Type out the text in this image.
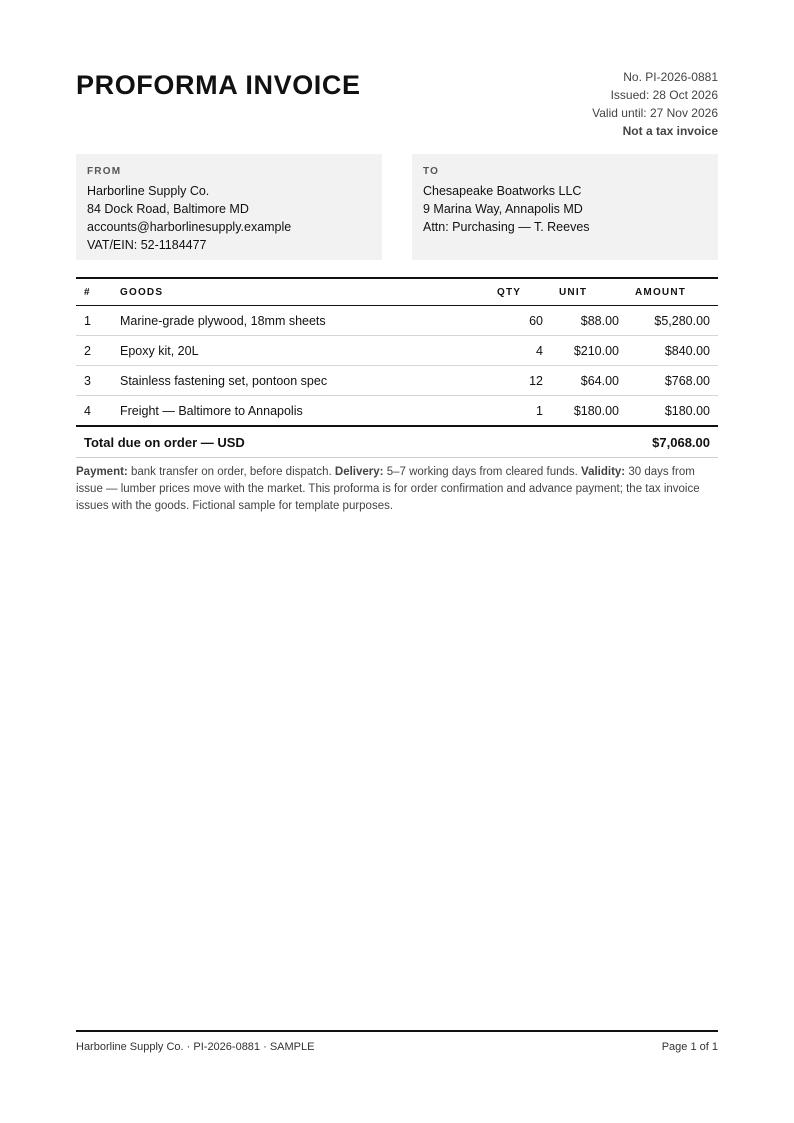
PROFORMA INVOICE	No. PI-2026-0881
Issued: 28 Oct 2026
Valid until: 27 Nov 2026
Not a tax invoice
FROM
Harborline Supply Co.
84 Dock Road, Baltimore MD
accounts@harborlinesupply.example
VAT/EIN: 52-1184477
TO
Chesapeake Boatworks LLC
9 Marina Way, Annapolis MD
Attn: Purchasing — T. Reeves
#	GOODS	QTY	UNIT	AMOUNT
1	Marine-grade plywood, 18mm sheets	60	$88.00	$5,280.00
2	Epoxy kit, 20L	4	$210.00	$840.00
3	Stainless fastening set, pontoon spec	12	$64.00	$768.00
4	Freight — Baltimore to Annapolis	1	$180.00	$180.00
Total due on order — USD				$7,068.00

Payment: bank transfer on order, before dispatch. Delivery: 5–7 working days from cleared funds. Validity: 30 days from issue — lumber prices move with the market. This proforma is for order confirmation and advance payment; the tax invoice issues with the goods. Fictional sample for template purposes.

Harborline Supply Co. · PI-2026-0881 · SAMPLE	Page 1 of 1
